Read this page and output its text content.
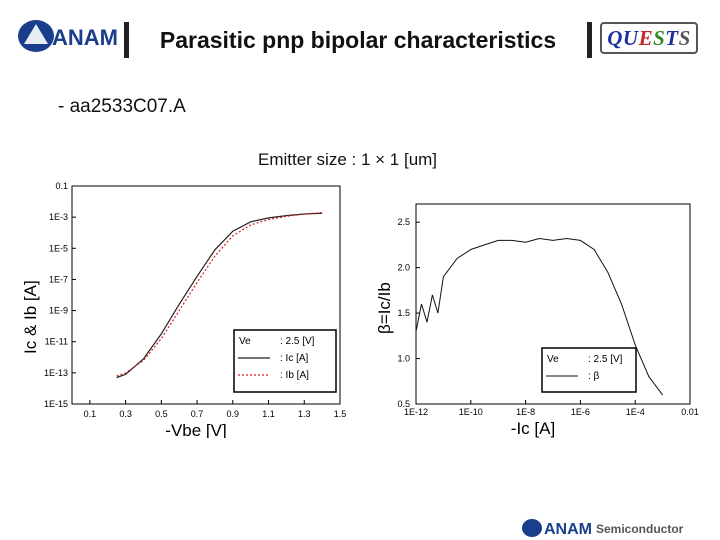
ANAM Parasitic pnp bipolar characteristics Q U E S T S
- aa2533C07.A
Emitter size : 1 × 1 [um]
0.1
1E-3
1E-5
1E-7
1E-9
1E-11
1E-13
1E-15
0.1	0.3	0.5	0.7	0.9	1.1	1.3	1.5
-Vbe [V]
Ic & Ib [A]	Ve	: 2.5 [V]
: Ic [A]
: Ib [A]
2.5
2.0
1.5
1.0
0.5
1E-12	1E-10	1E-8	1E-6	1E-4	0.01
-Ic [A]
β=Ic/Ib
Ve	: 2.5 [V]
: β
ANAM Semiconductor
